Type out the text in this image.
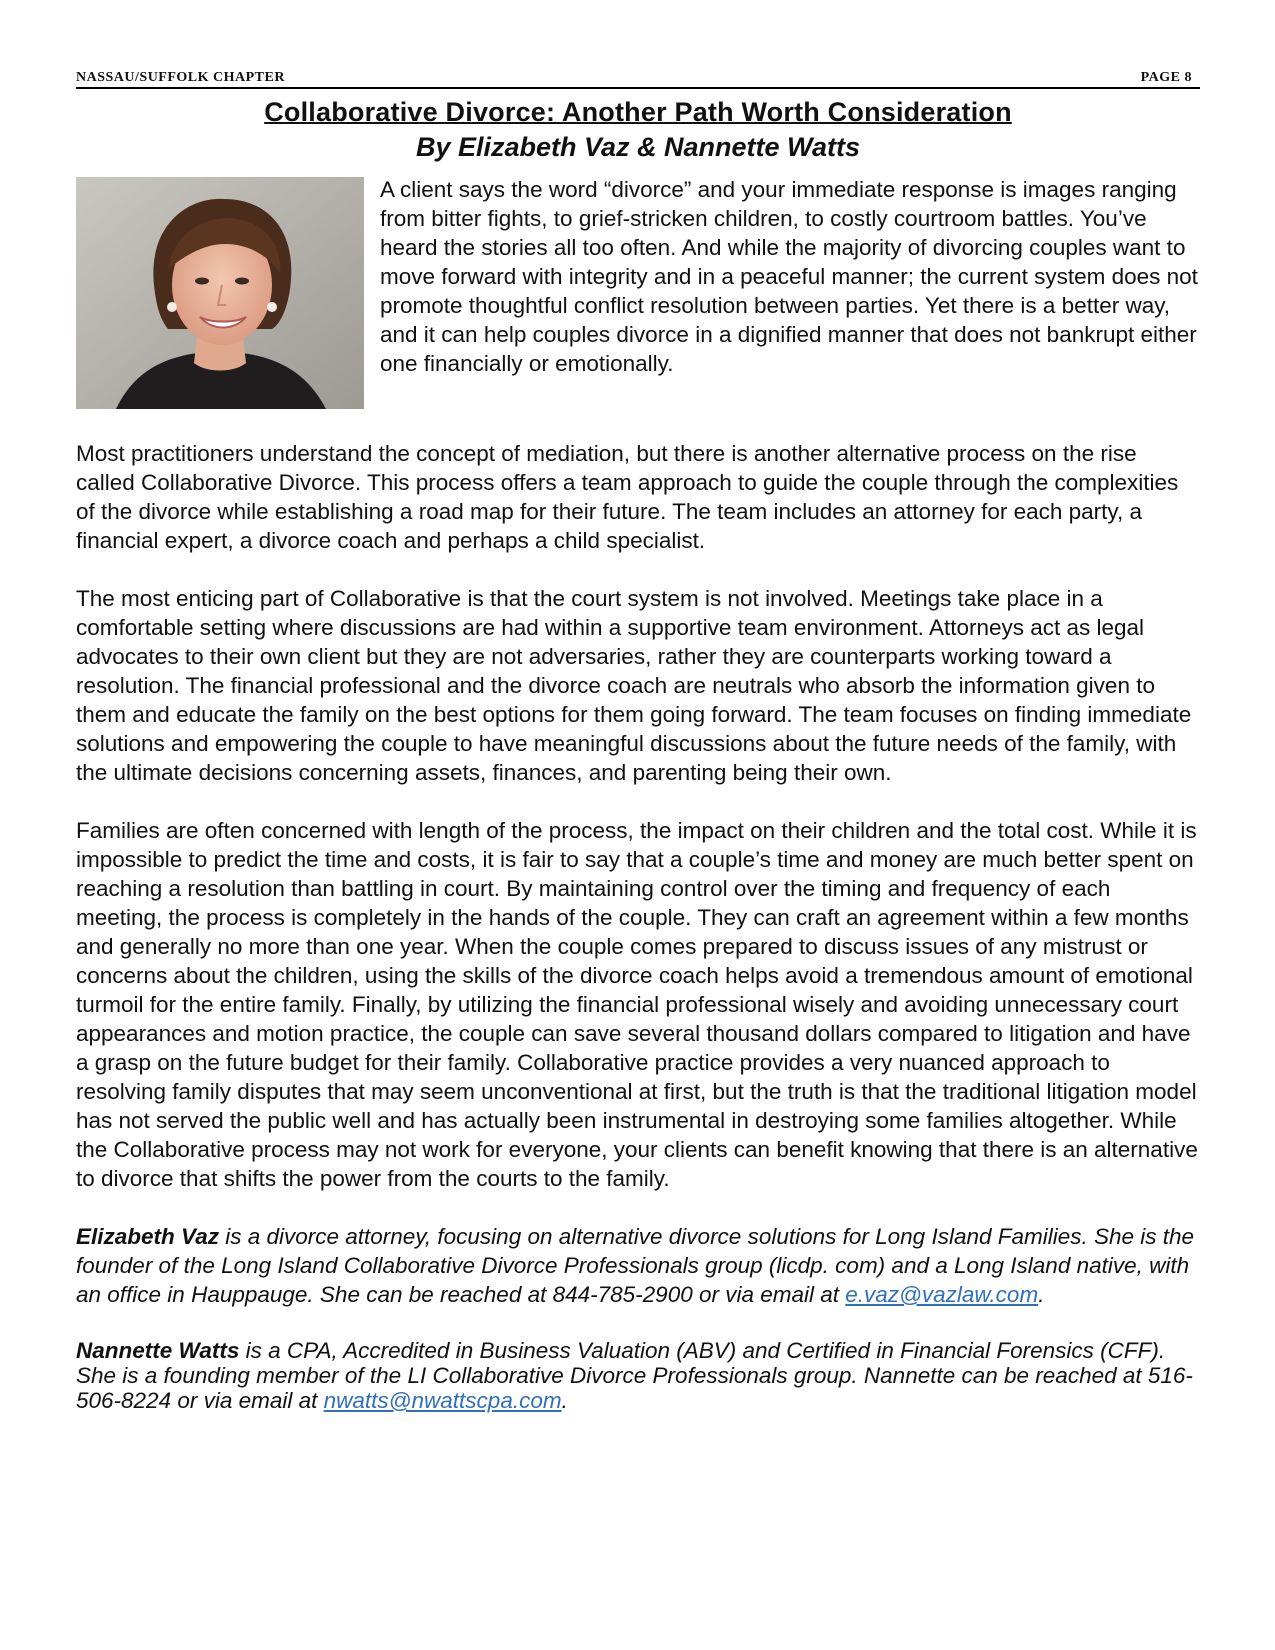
NASSAU/SUFFOLK CHAPTER	PAGE 8
Collaborative Divorce: Another Path Worth Consideration
By Elizabeth Vaz & Nannette Watts
A client says the word “divorce” and your immediate response is images ranging from bitter fights, to grief-stricken children, to costly courtroom battles. You’ve heard the stories all too often. And while the majority of divorcing couples want to move forward with integrity and in a peaceful manner; the current system does not promote thoughtful conflict resolution between parties. Yet there is a better way, and it can help couples divorce in a dignified manner that does not bankrupt either one financially or emotionally.

Most practitioners understand the concept of mediation, but there is another alternative process on the rise called Collaborative Divorce. This process offers a team approach to guide the couple through the complexities of the divorce while establishing a road map for their future. The team includes an attorney for each party, a financial expert, a divorce coach and perhaps a child specialist.

The most enticing part of Collaborative is that the court system is not involved. Meetings take place in a comfortable setting where discussions are had within a supportive team environment. Attorneys act as legal advocates to their own client but they are not adversaries, rather they are counterparts working toward a resolution. The financial professional and the divorce coach are neutrals who absorb the information given to them and educate the family on the best options for them going forward. The team focuses on finding immediate solutions and empowering the couple to have meaningful discussions about the future needs of the family, with the ultimate decisions concerning assets, finances, and parenting being their own.

Families are often concerned with length of the process, the impact on their children and the total cost. While it is impossible to predict the time and costs, it is fair to say that a couple’s time and money are much better spent on reaching a resolution than battling in court. By maintaining control over the timing and frequency of each meeting, the process is completely in the hands of the couple. They can craft an agreement within a few months and generally no more than one year. When the couple comes prepared to discuss issues of any mistrust or concerns about the children, using the skills of the divorce coach helps avoid a tremendous amount of emotional turmoil for the entire family. Finally, by utilizing the financial professional wisely and avoiding unnecessary court appearances and motion practice, the couple can save several thousand dollars compared to litigation and have a grasp on the future budget for their family. Collaborative practice provides a very nuanced approach to resolving family disputes that may seem unconventional at first, but the truth is that the traditional litigation model has not served the public well and has actually been instrumental in destroying some families altogether. While the Collaborative process may not work for everyone, your clients can benefit knowing that there is an alternative to divorce that shifts the power from the courts to the family.

Elizabeth Vaz is a divorce attorney, focusing on alternative divorce solutions for Long Island Families. She is the founder of the Long Island Collaborative Divorce Professionals group (licdp. com) and a Long Island native, with an office in Hauppauge. She can be reached at 844-785-2900 or via email at e.vaz@vazlaw.com.
Nannette Watts is a CPA, Accredited in Business Valuation (ABV) and Certified in Financial Forensics (CFF). She is a founding member of the LI Collaborative Divorce Professionals group. Nannette can be reached at 516-506-8224 or via email at nwatts@nwattscpa.com.
